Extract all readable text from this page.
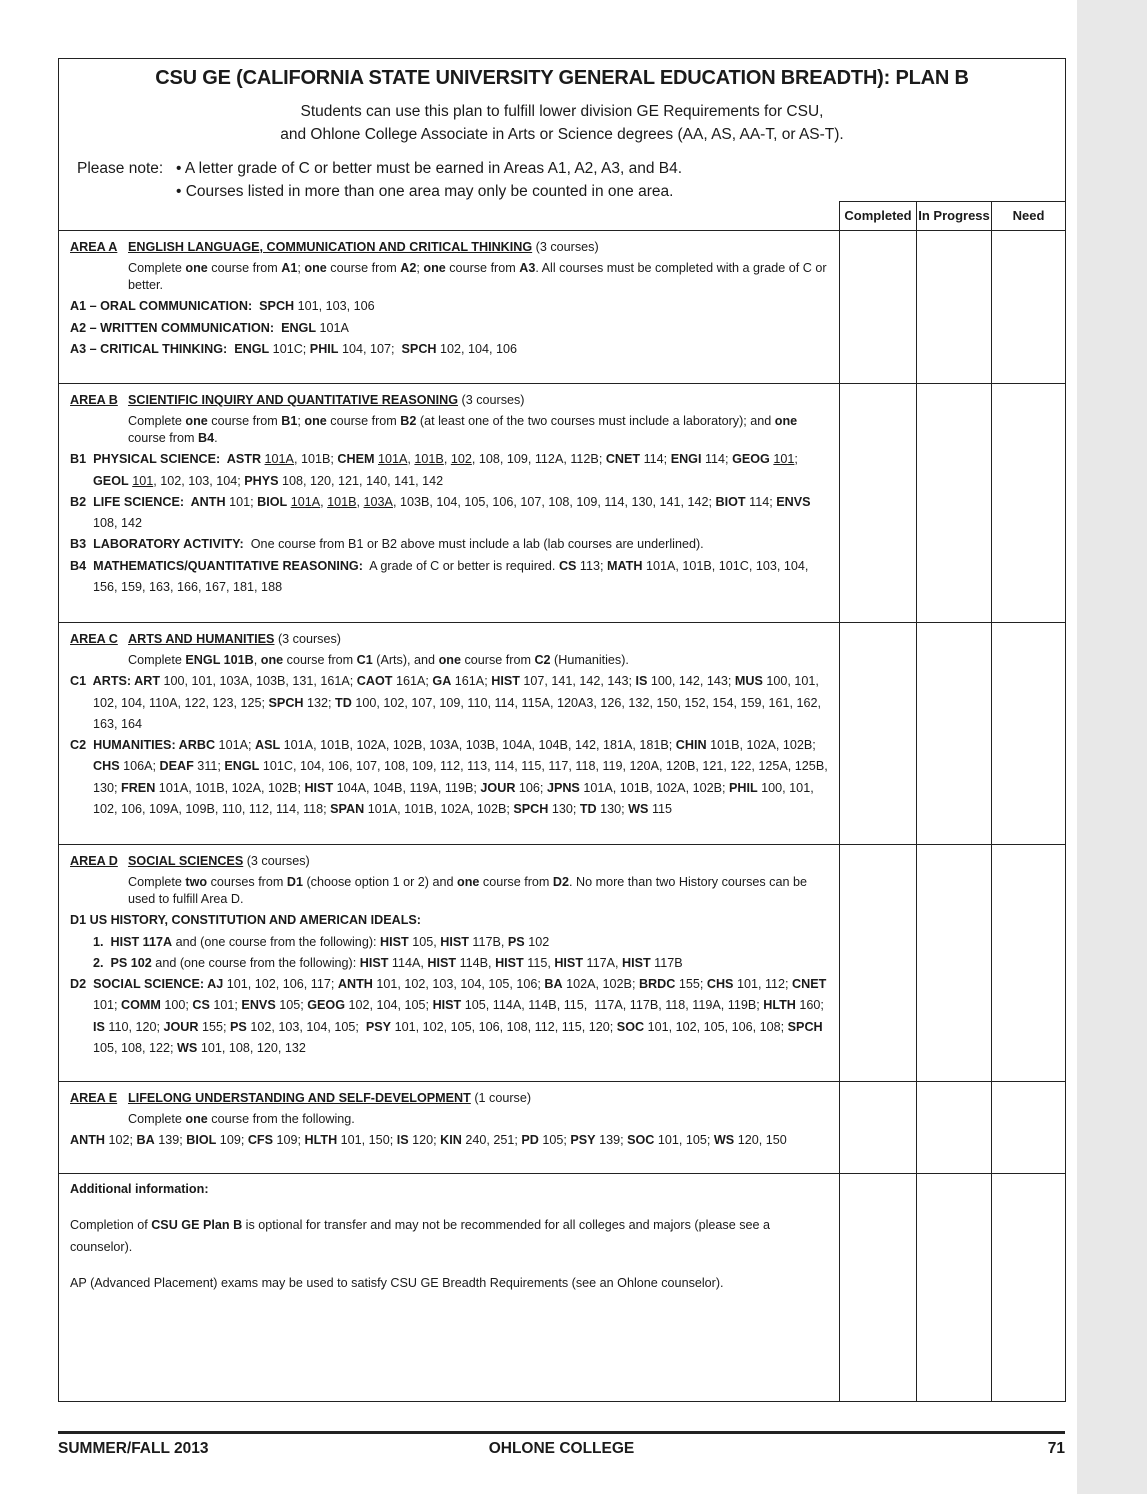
CSU GE (CALIFORNIA STATE UNIVERSITY GENERAL EDUCATION BREADTH): PLAN B
Students can use this plan to fulfill lower division GE Requirements for CSU,
and Ohlone College Associate in Arts or Science degrees (AA, AS, AA-T, or AS-T).
Please note: • A letter grade of C or better must be earned in Areas A1, A2, A3, and B4.
• Courses listed in more than one area may only be counted in one area.
Completed In Progress	Need

AREA A ENGLISH LANGUAGE, COMMUNICATION AND CRITICAL THINKING (3 courses)

Complete one course from A1; one course from A2; one course from A3. All courses must be completed with a grade of C or better.

A1 – ORAL COMMUNICATION: SPCH 101, 103, 106

A2 – WRITTEN COMMUNICATION: ENGL 101A

A3 – CRITICAL THINKING: ENGL 101C; PHIL 104, 107;  SPCH 102, 104, 106

AREA B SCIENTIFIC INQUIRY AND QUANTITATIVE REASONING (3 courses)

Complete one course from B1; one course from B2 (at least one of the two courses must include a laboratory); and one course from B4.

B1  PHYSICAL SCIENCE:  ASTR 101A, 101B; CHEM 101A, 101B, 102, 108, 109, 112A, 112B; CNET 114; ENGI 114; GEOG 101; GEOL 101, 102, 103, 104; PHYS 108, 120, 121, 140, 141, 142

B2  LIFE SCIENCE:  ANTH 101; BIOL 101A, 101B, 103A, 103B, 104, 105, 106, 107, 108, 109, 114, 130, 141, 142; BIOT 114; ENVS 108, 142

B3  LABORATORY ACTIVITY: One course from B1 or B2 above must include a lab (lab courses are underlined).

B4  MATHEMATICS/QUANTITATIVE REASONING:  A grade of C or better is required. CS 113; MATH 101A, 101B, 101C, 103, 104, 156, 159, 163, 166, 167, 181, 188

AREA C ARTS AND HUMANITIES (3 courses)

Complete ENGL 101B, one course from C1 (Arts), and one course from C2 (Humanities).

C1  ARTS: ART 100, 101, 103A, 103B, 131, 161A; CAOT 161A; GA 161A; HIST 107, 141, 142, 143; IS 100, 142, 143; MUS 100, 101, 102, 104, 110A, 122, 123, 125; SPCH 132; TD 100, 102, 107, 109, 110, 114, 115A, 120A3, 126, 132, 150, 152, 154, 159, 161, 162, 163, 164

C2  HUMANITIES: ARBC 101A; ASL 101A, 101B, 102A, 102B, 103A, 103B, 104A, 104B, 142, 181A, 181B; CHIN 101B, 102A, 102B; CHS 106A; DEAF 311; ENGL 101C, 104, 106, 107, 108, 109, 112, 113, 114, 115, 117, 118, 119, 120A, 120B, 121, 122, 125A, 125B, 130; FREN 101A, 101B, 102A, 102B; HIST 104A, 104B, 119A, 119B; JOUR 106; JPNS 101A, 101B, 102A, 102B; PHIL 100, 101, 102, 106, 109A, 109B, 110, 112, 114, 118; SPAN 101A, 101B, 102A, 102B; SPCH 130; TD 130; WS 115

AREA D SOCIAL SCIENCES (3 courses)

Complete two courses from D1 (choose option 1 or 2) and one course from D2. No more than two History courses can be used to fulfill Area D.

D1 US HISTORY, CONSTITUTION AND AMERICAN IDEALS:

1.  HIST 117A and (one course from the following): HIST 105, HIST 117B, PS 102

2.  PS 102 and (one course from the following): HIST 114A, HIST 114B, HIST 115, HIST 117A, HIST 117B

D2  SOCIAL SCIENCE: AJ 101, 102, 106, 117; ANTH 101, 102, 103, 104, 105, 106; BA 102A, 102B; BRDC 155; CHS 101, 112; CNET 101; COMM 100; CS 101; ENVS 105; GEOG 102, 104, 105; HIST 105, 114A, 114B, 115,  117A, 117B, 118, 119A, 119B; HLTH 160; IS 110, 120; JOUR 155; PS 102, 103, 104, 105;  PSY 101, 102, 105, 106, 108, 112, 115, 120; SOC 101, 102, 105, 106, 108; SPCH 105, 108, 122; WS 101, 108, 120, 132

AREA E LIFELONG UNDERSTANDING AND SELF-DEVELOPMENT (1 course)

Complete one course from the following.

ANTH 102; BA 139; BIOL 109; CFS 109; HLTH 101, 150; IS 120; KIN 240, 251; PD 105; PSY 139; SOC 101, 105; WS 120, 150

Additional information:

Completion of CSU GE Plan B is optional for transfer and may not be recommended for all colleges and majors (please see a counselor).

AP (Advanced Placement) exams may be used to satisfy CSU GE Breadth Requirements (see an Ohlone counselor).

SUMMER/FALL 2013	OHLONE COLLEGE	71
